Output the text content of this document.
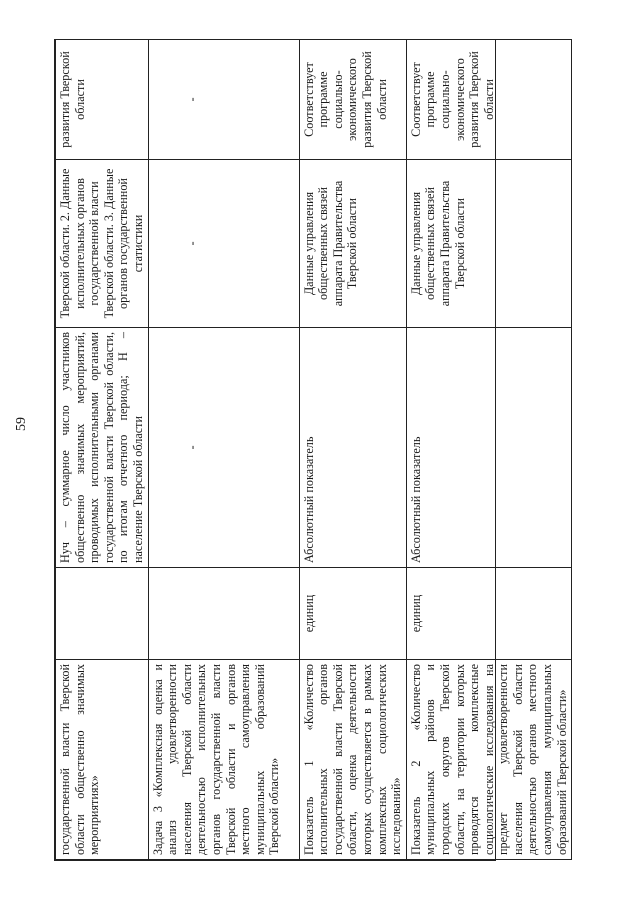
59
государственной власти Тверской области общественно значимых мероприятиях»		Нуч – суммарное число участников общественно значимых мероприятий, проводимых исполнительными органами государственной власти Тверской области, по итогам отчетного периода; Н – население Тверской области	Тверской области. 2. Данные исполнительных органов государственной власти Тверской области. 3. Данные органов государственной статистики	развития Тверской области
Задача 3 «Комплексная оценка и анализ удовлетворенности населения Тверской области деятельностью исполнительных органов государственной власти Тверской области и органов местного самоуправления муниципальных образований Тверской области»		-	-	-
Показатель 1 «Количество исполнительных органов государственной власти Тверской области, оценка деятельности которых осуществляется в рамках комплексных социологических исследований»	единиц	Абсолютный показатель	Данные управления общественных связей аппарата Правительства Тверской области	Соответствует программе социально-экономического развития Тверской области
Показатель 2 «Количество муниципальных районов и городских округов Тверской области, на территории которых проводятся комплексные социологические исследования на предмет удовлетворенности населения Тверской области деятельностью органов местного самоуправления муниципальных образований Тверской области»	единиц	Абсолютный показатель	Данные управления общественных связей аппарата Правительства Тверской области	Соответствует программе социально-экономического развития Тверской области
